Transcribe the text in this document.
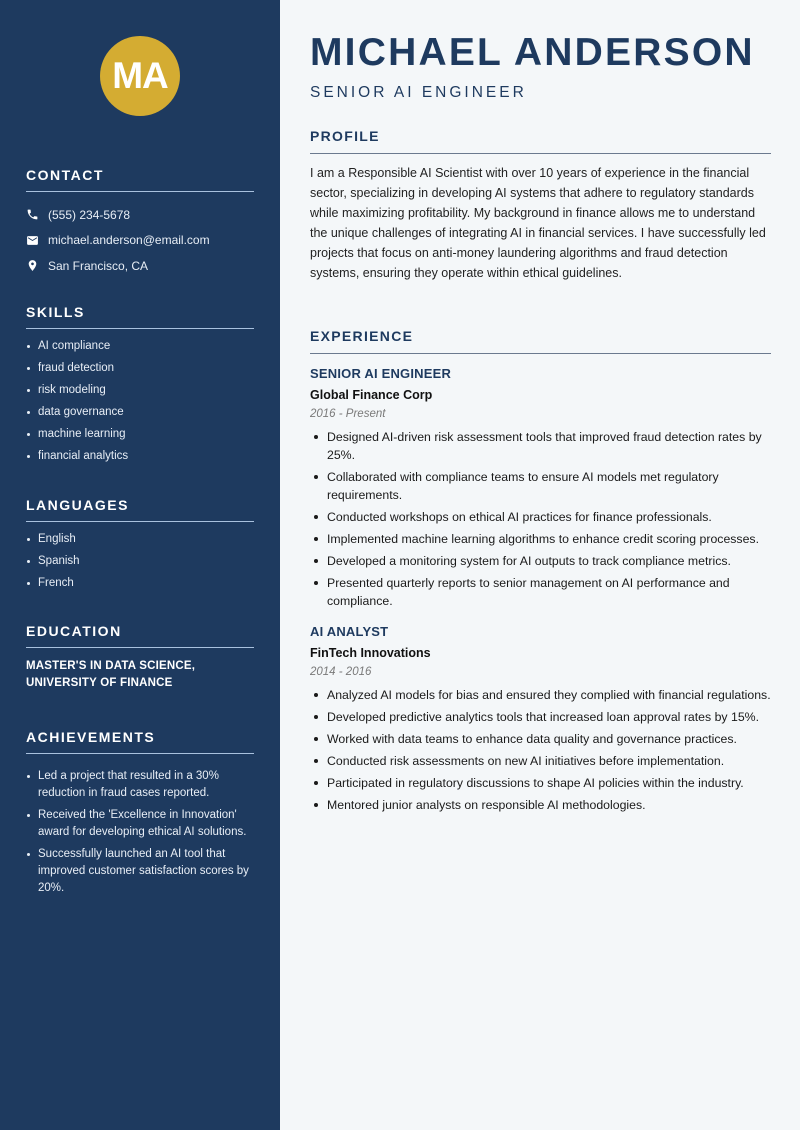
MA
CONTACT
(555) 234-5678
michael.anderson@email.com
San Francisco, CA
SKILLS
AI compliance
fraud detection
risk modeling
data governance
machine learning
financial analytics
LANGUAGES
English
Spanish
French
EDUCATION
MASTER'S IN DATA SCIENCE,
UNIVERSITY OF FINANCE
ACHIEVEMENTS
Led a project that resulted in a 30% reduction in fraud cases reported.
Received the 'Excellence in Innovation' award for developing ethical AI solutions.
Successfully launched an AI tool that improved customer satisfaction scores by 20%.
MICHAEL ANDERSON
SENIOR AI ENGINEER
PROFILE

I am a Responsible AI Scientist with over 10 years of experience in the financial sector, specializing in developing AI systems that adhere to regulatory standards while maximizing profitability. My background in finance allows me to understand the unique challenges of integrating AI in financial services. I have successfully led projects that focus on anti-money laundering algorithms and fraud detection systems, ensuring they operate within ethical guidelines.

EXPERIENCE
SENIOR AI ENGINEER
Global Finance Corp
2016 - Present
Designed AI-driven risk assessment tools that improved fraud detection rates by 25%.
Collaborated with compliance teams to ensure AI models met regulatory requirements.
Conducted workshops on ethical AI practices for finance professionals.
Implemented machine learning algorithms to enhance credit scoring processes.
Developed a monitoring system for AI outputs to track compliance metrics.
Presented quarterly reports to senior management on AI performance and compliance.
AI ANALYST
FinTech Innovations
2014 - 2016
Analyzed AI models for bias and ensured they complied with financial regulations.
Developed predictive analytics tools that increased loan approval rates by 15%.
Worked with data teams to enhance data quality and governance practices.
Conducted risk assessments on new AI initiatives before implementation.
Participated in regulatory discussions to shape AI policies within the industry.
Mentored junior analysts on responsible AI methodologies.
